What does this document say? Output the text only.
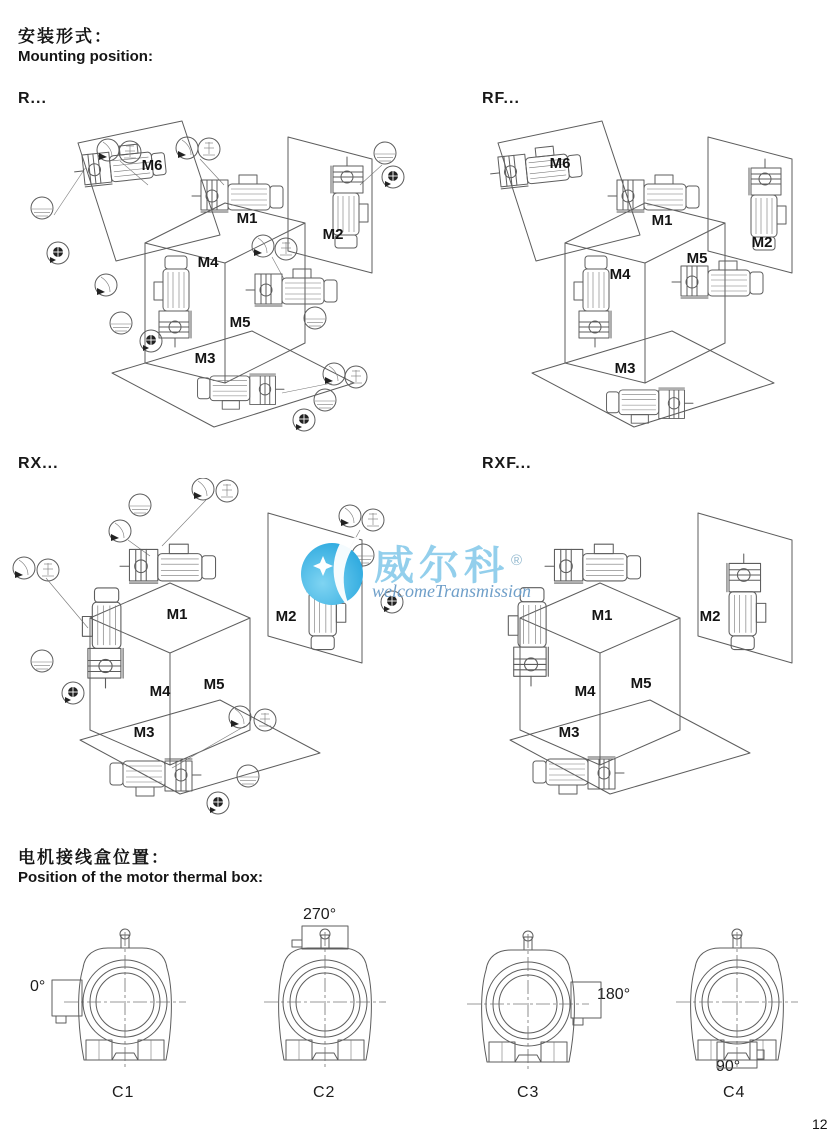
安装形式：
Mounting position:
R...	RF...
RX...	RXF...
M6
M1
M2
M4
M5
M3
M6
M1
M2
M4
M5
M3
M1	M2
M4 M5
M3
M1	M2
M4 M5
M3
威尔科 ®
welcomeTransmission
电机接线盒位置：
Position of the motor thermal box:
0°
270°
180°
90°
C1	C2	C3	C4
12
